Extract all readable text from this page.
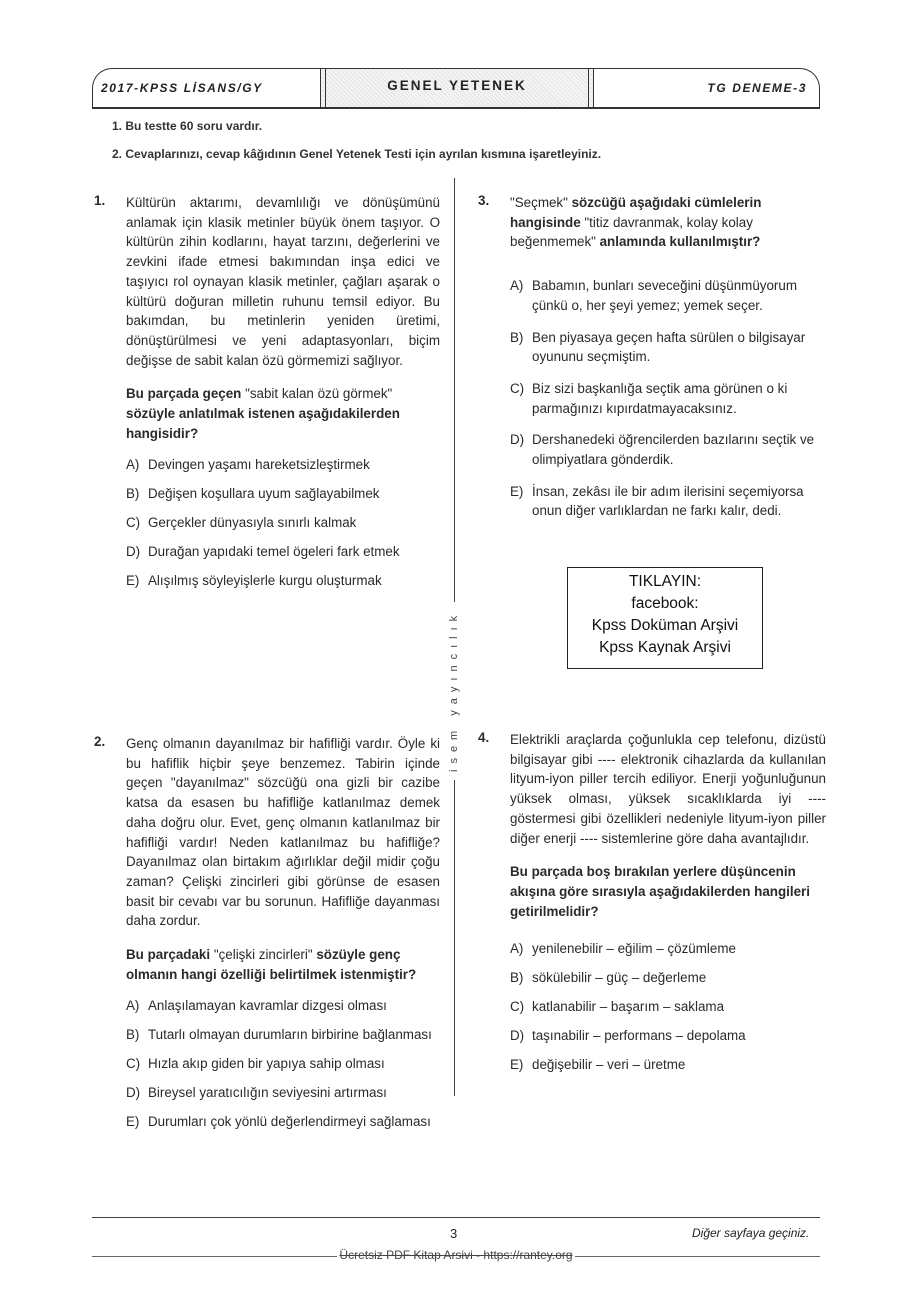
2017-KPSS LİSANS/GY	GENEL YETENEK	TG DENEME-3
1. Bu testte 60 soru vardır.
2. Cevaplarınızı, cevap kâğıdının Genel Yetenek Testi için ayrılan kısmına işaretleyiniz.
1. Kültürün aktarımı, devamlılığı ve dönüşümünü anlamak için klasik metinler büyük önem taşıyor. O kültürün zihin kodlarını, hayat tarzını, değerlerini ve zevkini ifade etmesi bakımından inşa edici ve taşıyıcı rol oynayan klasik metinler, çağları aşarak o kültürü doğuran milletin ruhunu temsil ediyor. Bu bakımdan, bu metinlerin yeniden üretimi, dönüştürülmesi ve yeni adaptasyonları, biçim değişse de sabit kalan özü görmemizi sağlıyor.
Bu parçada geçen "sabit kalan özü görmek" sözüyle anlatılmak istenen aşağıdakilerden hangisidir?
A) Devingen yaşamı hareketsizleştirmek
B) Değişen koşullara uyum sağlayabilmek
C) Gerçekler dünyasıyla sınırlı kalmak
D) Durağan yapıdaki temel ögeleri fark etmek
E) Alışılmış söyleyişlerle kurgu oluşturmak
2. Genç olmanın dayanılmaz bir hafifliği vardır. Öyle ki bu hafiflik hiçbir şeye benzemez. Tabirin içinde geçen "dayanılmaz" sözcüğü ona gizli bir cazibe katsa da esasen bu hafifliğe katlanılmaz demek daha doğru olur. Evet, genç olmanın katlanılmaz bir hafifliği vardır! Neden katlanılmaz bu hafifliğe? Dayanılmaz olan birtakım ağırlıklar değil midir çoğu zaman? Çelişki zincirleri gibi görünse de esasen basit bir cevabı var bu sorunun. Hafifliğe dayanması daha zordur.
Bu parçadaki "çelişki zincirleri" sözüyle genç olmanın hangi özelliği belirtilmek istenmiştir?
A) Anlaşılamayan kavramlar dizgesi olması
B) Tutarlı olmayan durumların birbirine bağlanması
C) Hızla akıp giden bir yapıya sahip olması
D) Bireysel yaratıcılığın seviyesini artırması
E) Durumları çok yönlü değerlendirmeyi sağlaması
isem yayıncılık
3. "Seçmek" sözcüğü aşağıdaki cümlelerin hangisinde "titiz davranmak, kolay kolay beğenmemek" anlamında kullanılmıştır?
A) Babamın, bunları seveceğini düşünmüyorum çünkü o, her şeyi yemez; yemek seçer.
B) Ben piyasaya geçen hafta sürülen o bilgisayar oyununu seçmiştim.
C) Biz sizi başkanlığa seçtik ama görünen o ki parmağınızı kıpırdatmayacaksınız.
D) Dershanedeki öğrencilerden bazılarını seçtik ve olimpiyatlara gönderdik.
E) İnsan, zekâsı ile bir adım ilerisini seçemiyorsa onun diğer varlıklardan ne farkı kalır, dedi.
TIKLAYIN:
facebook:
Kpss Doküman Arşivi
Kpss Kaynak Arşivi
4. Elektrikli araçlarda çoğunlukla cep telefonu, dizüstü bilgisayar gibi ---- elektronik cihazlarda da kullanılan lityum-iyon piller tercih ediliyor. Enerji yoğunluğunun yüksek olması, yüksek sıcaklıklarda iyi ---- göstermesi gibi özellikleri nedeniyle lityum-iyon piller diğer enerji ---- sistemlerine göre daha avantajlıdır.
Bu parçada boş bırakılan yerlere düşüncenin akışına göre sırasıyla aşağıdakilerden hangileri getirilmelidir?
A) yenilenebilir – eğilim – çözümleme
B) sökülebilir – güç – değerleme
C) katlanabilir – başarım – saklama
D) taşınabilir – performans – depolama
E) değişebilir – veri – üretme
3	Diğer sayfaya geçiniz.
Ücretsiz PDF Kitap Arsivi - https://rantey.org
